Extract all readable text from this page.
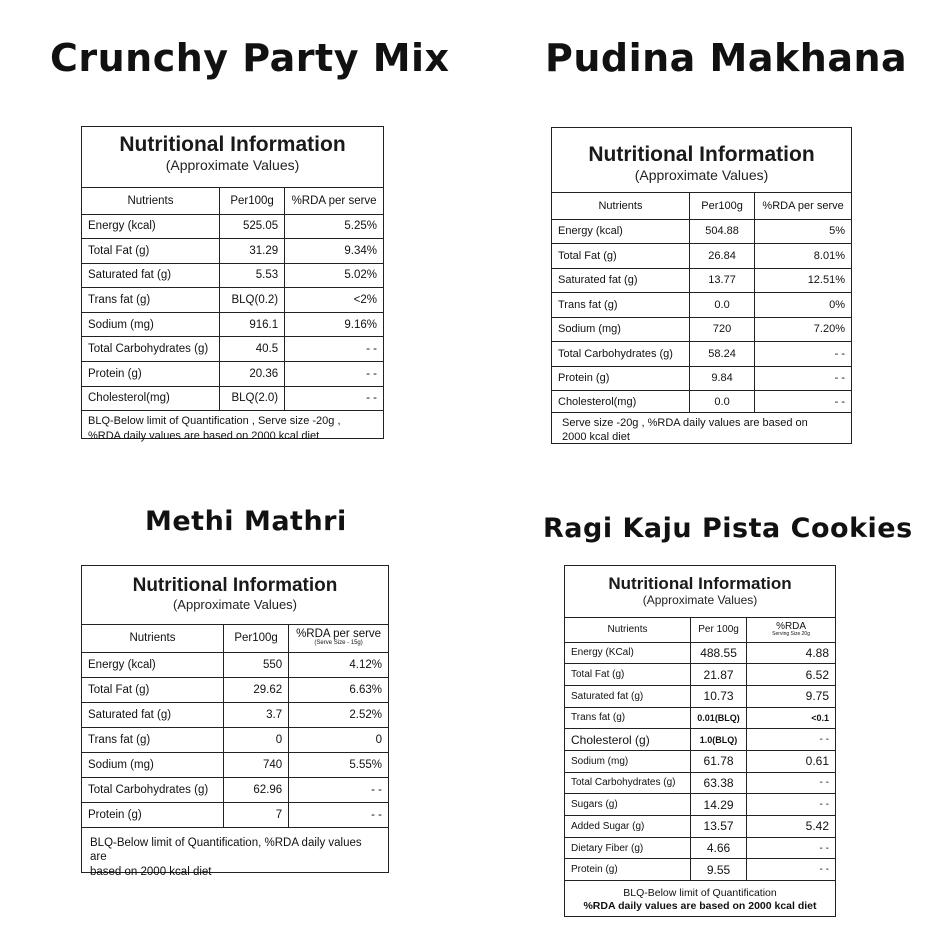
Crunchy Party Mix
Nutritional Information
(Approximate Values)
Nutrients	Per100g	%RDA per serve
Energy (kcal)	525.05	5.25%
Total Fat (g)	31.29	9.34%
Saturated fat (g)	5.53	5.02%
Trans fat (g)	BLQ(0.2)	<2%
Sodium (mg)	916.1	9.16%
Total Carbohydrates (g)	40.5	- -
Protein (g)	20.36	- -
Cholesterol(mg)	BLQ(2.0)	- -
BLQ-Below limit of Quantification , Serve size -20g ,
%RDA daily values are based on 2000 kcal diet
Pudina Makhana
Nutritional Information
(Approximate Values)
Nutrients	Per100g	%RDA per serve
Energy (kcal)	504.88	5%
Total Fat (g)	26.84	8.01%
Saturated fat (g)	13.77	12.51%
Trans fat (g)	0.0	0%
Sodium (mg)	720	7.20%
Total Carbohydrates (g)	58.24	- -
Protein (g)	9.84	- -
Cholesterol(mg)	0.0	- -
Serve size -20g , %RDA daily values are based on
2000 kcal diet
Methi Mathri
Nutritional Information
(Approximate Values)
Nutrients	Per100g	%RDA per serve
(Serve Size - 15g)

Energy (kcal)	550	4.12%
Total Fat (g)	29.62	6.63%
Saturated fat (g)	3.7	2.52%
Trans fat (g)	0	0
Sodium (mg)	740	5.55%
Total Carbohydrates (g)	62.96	- -
Protein (g)	7	- -
BLQ-Below limit of Quantification, %RDA daily values are
based on 2000 kcal diet
Ragi Kaju Pista Cookies
Nutritional Information
(Approximate Values)
Nutrients	Per 100g	%RDA
Serving Size 20g

Energy (KCal)	488.55	4.88
Total Fat (g)	21.87	6.52
Saturated fat (g)	10.73	9.75
Trans fat (g)	0.01(BLQ)	<0.1
Cholesterol (g)	1.0(BLQ)	- -
Sodium (mg)	61.78	0.61
Total Carbohydrates (g)	63.38	- -
Sugars (g)	14.29	- -
Added Sugar (g)	13.57	5.42
Dietary Fiber (g)	4.66	- -
Protein (g)	9.55	- -
BLQ-Below limit of Quantification
%RDA daily values are based on 2000 kcal diet
